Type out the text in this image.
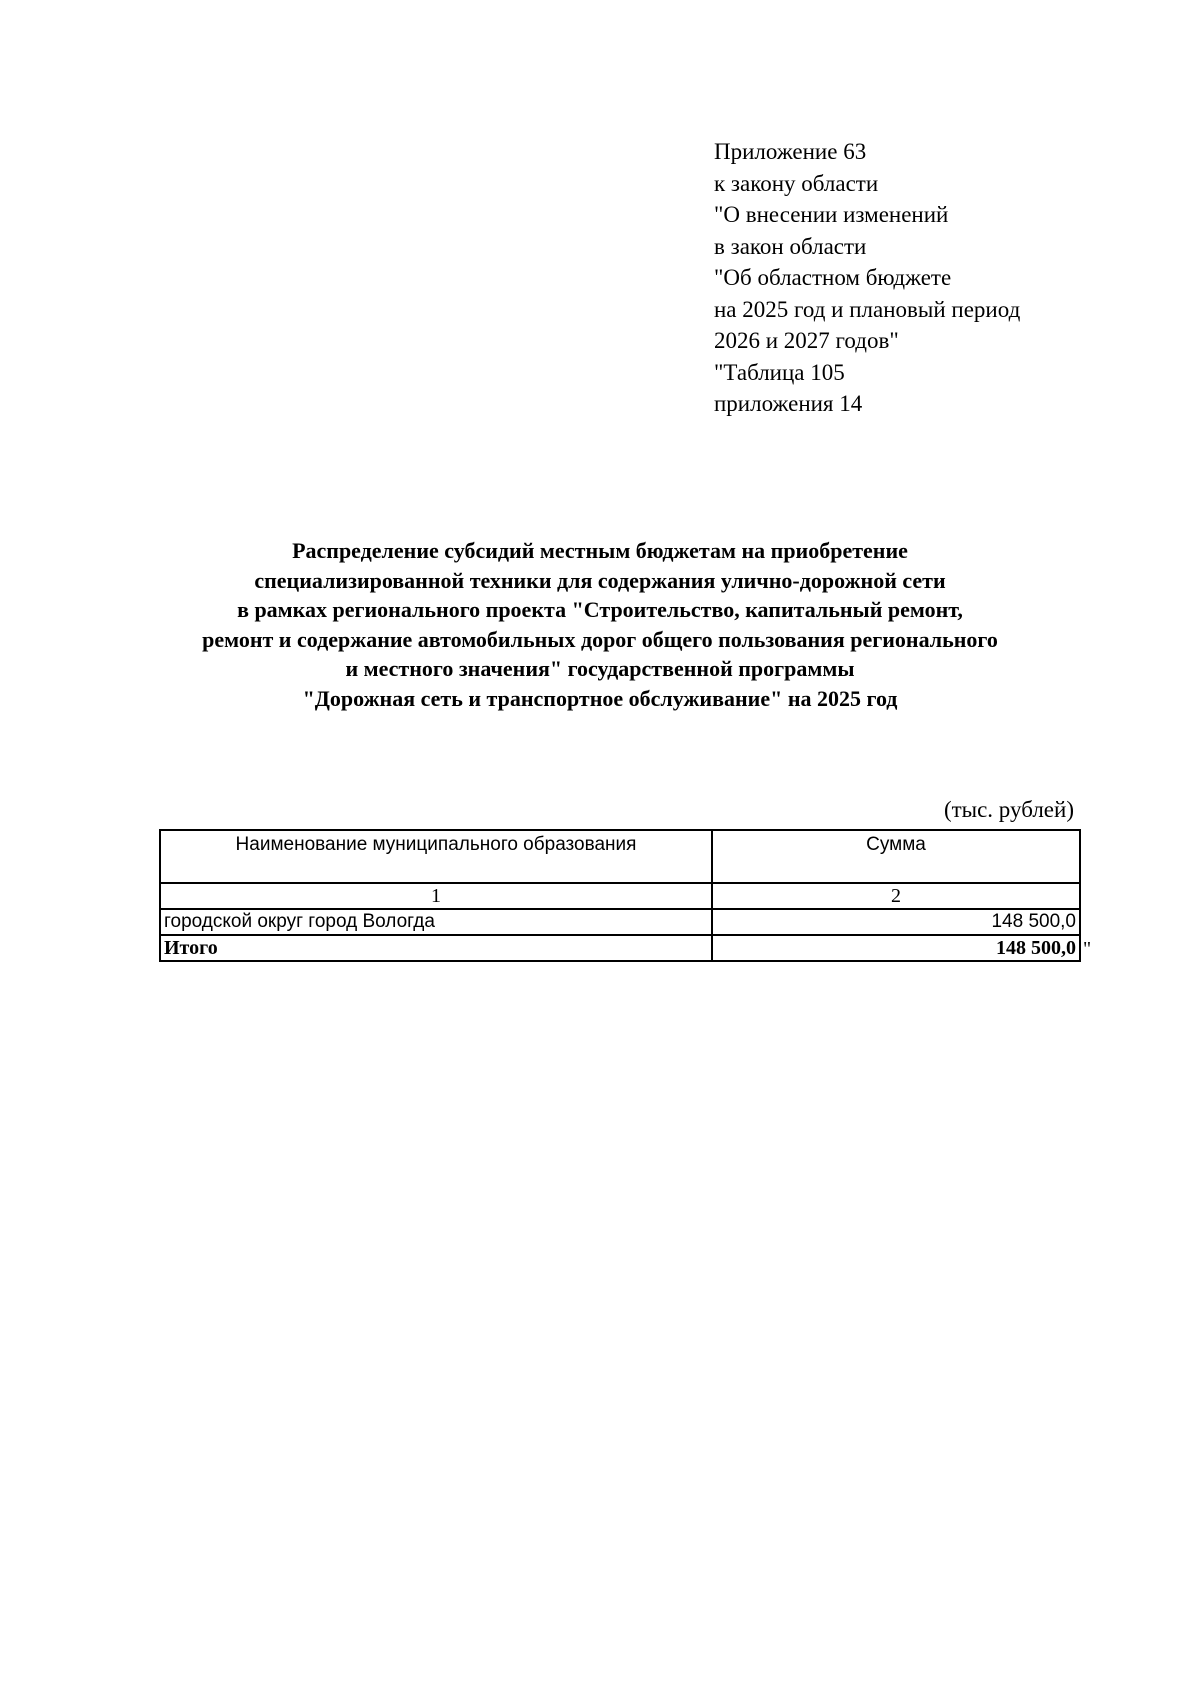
Приложение 63
к закону области
"О внесении изменений
в закон области
"Об областном бюджете
на 2025 год и плановый период
2026 и 2027 годов"
"Таблица 105
приложения 14
Распределение субсидий местным бюджетам на приобретение
специализированной техники для содержания улично-дорожной сети
в рамках регионального проекта "Строительство, капитальный ремонт,
ремонт и содержание автомобильных дорог общего пользования регионального
и местного значения" государственной программы
"Дорожная сеть и транспортное обслуживание" на 2025 год
(тыс. рублей)
Наименование муниципального образования	Сумма
1	2
городской округ город Вологда	148 500,0
Итого	148 500,0 "
